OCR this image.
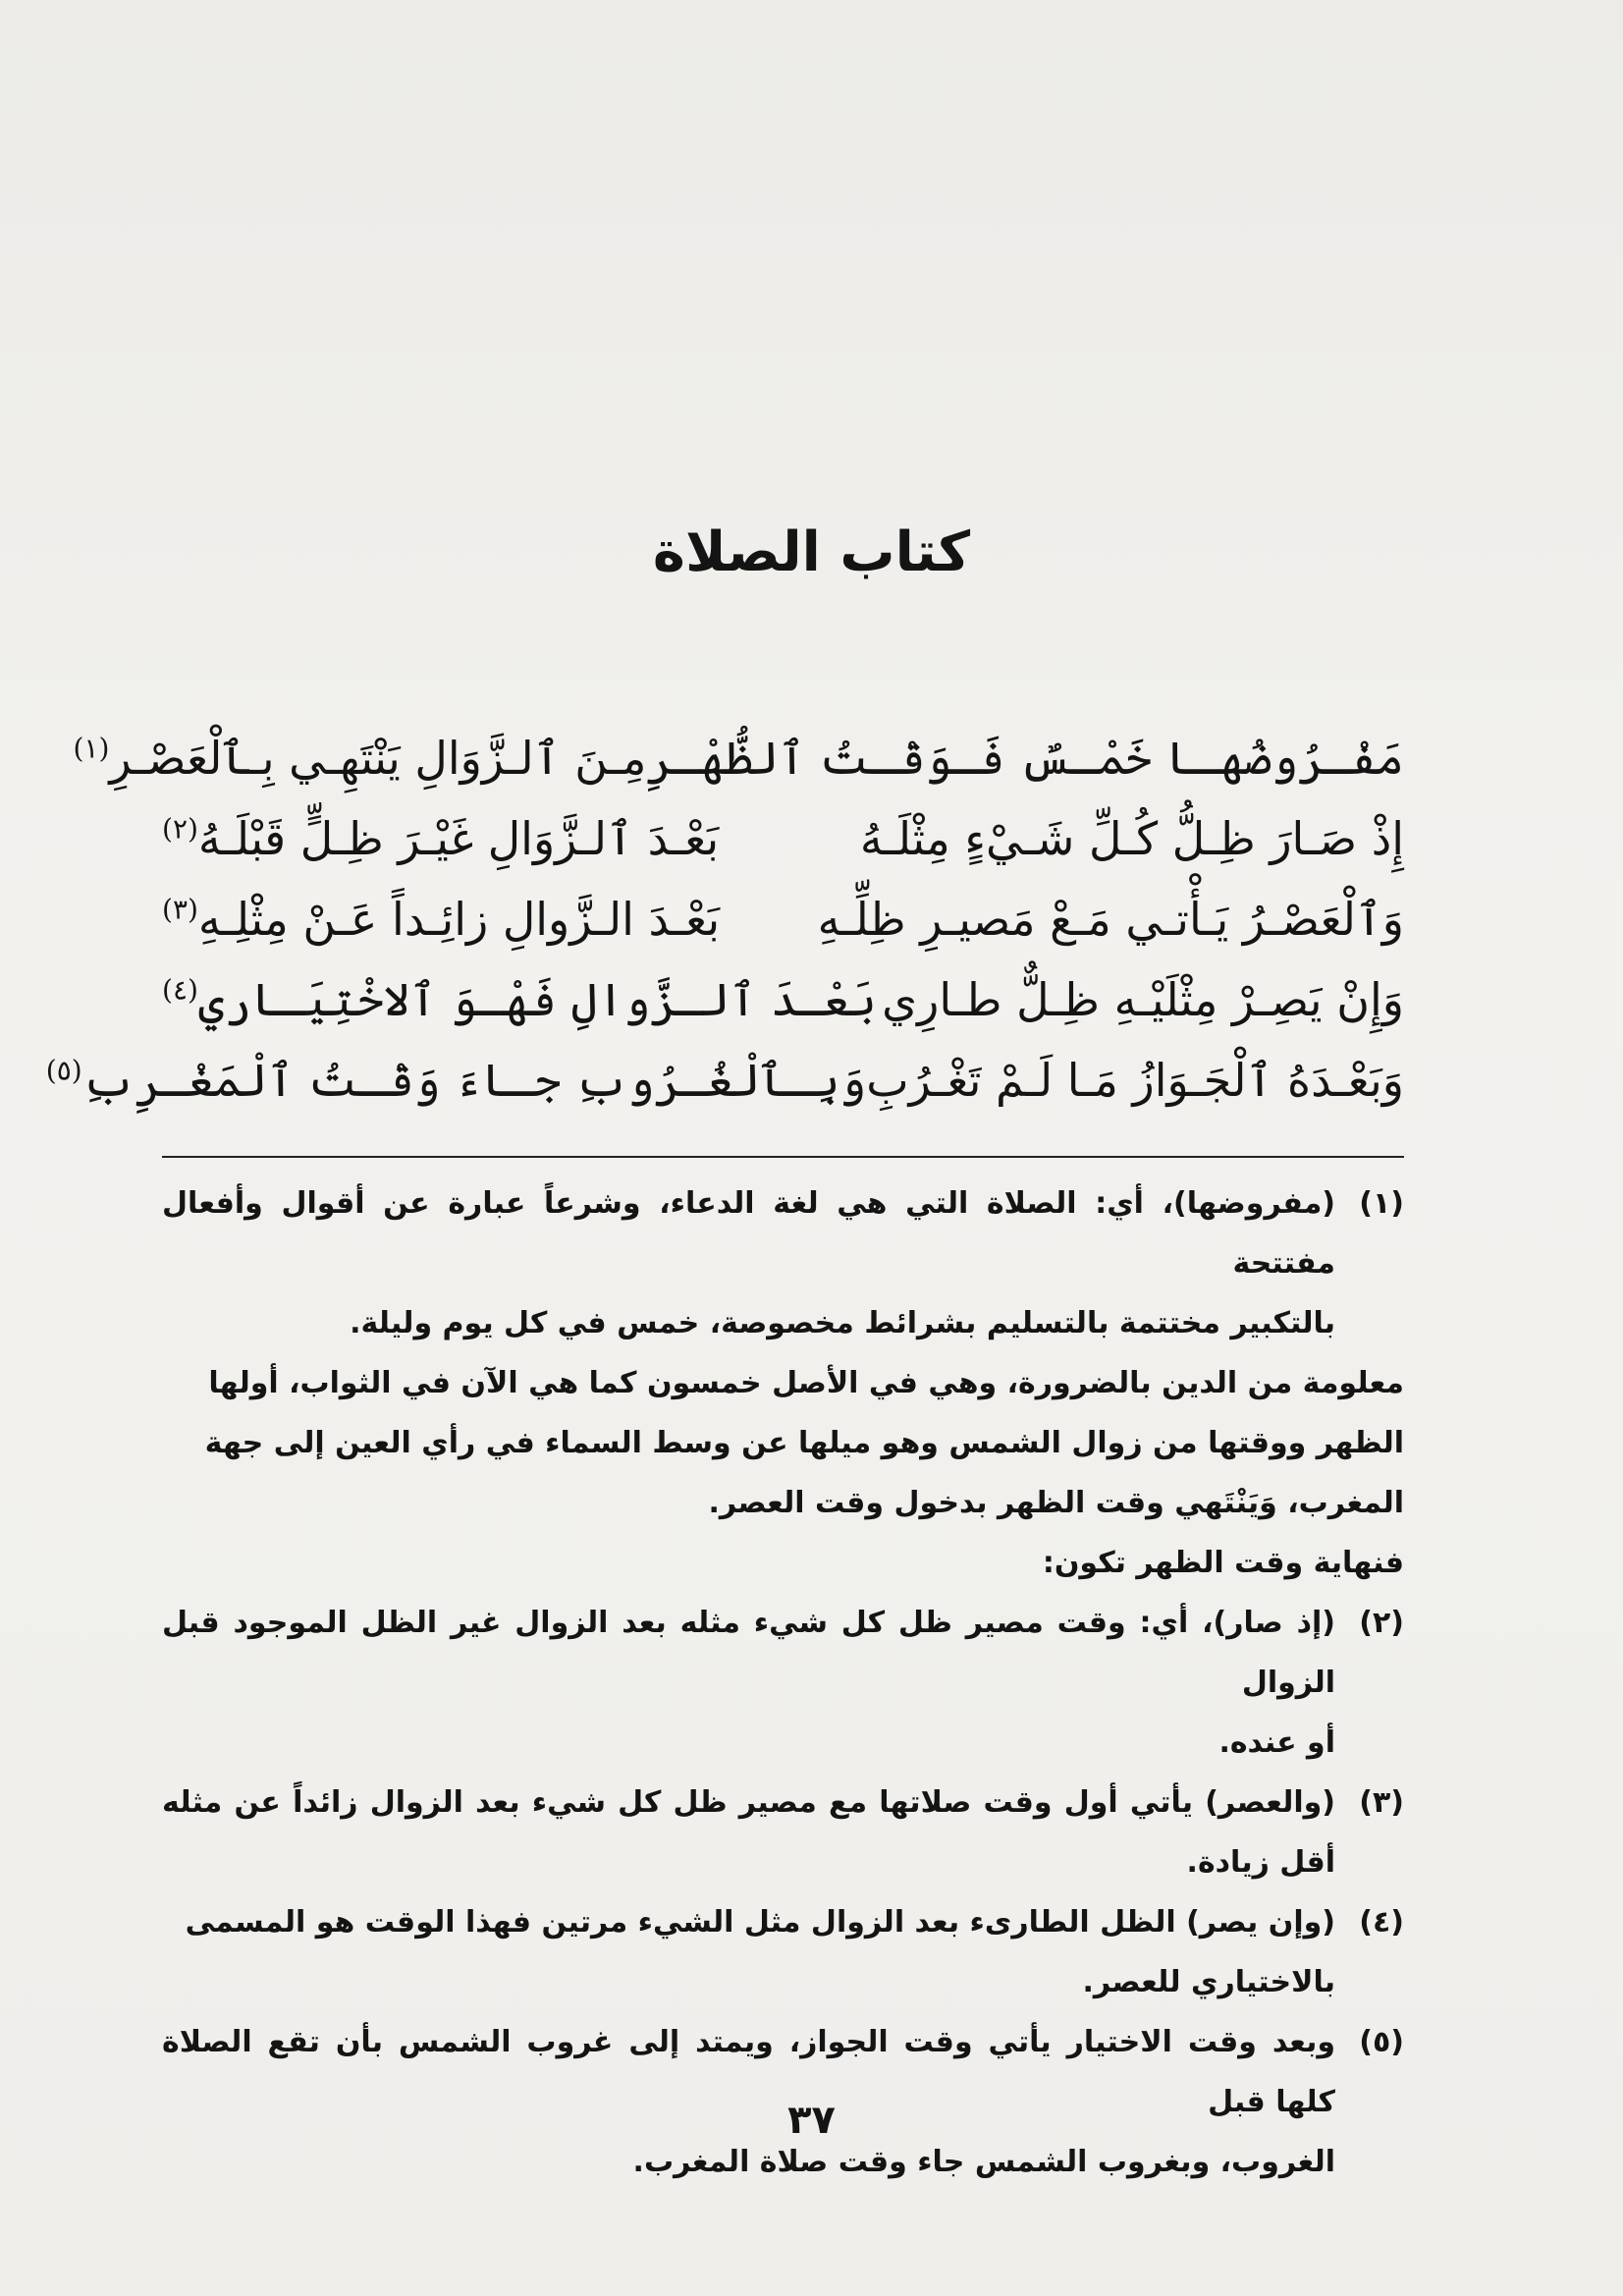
كتاب الصلاة
مَفْـرُوضُهـا خَمْـسٌ فَـوَقْـتُ ٱلظُّهْـرِ
مِـنَ ٱلـزَّوَالِ يَنْتَهِـي بِـٱلْعَصْـرِ$^{(١)}$
إِذْ صَـارَ ظِـلُّ كُـلِّ شَـيْءٍ مِثْلَـهُ
بَعْـدَ ٱلـزَّوَالِ غَيْـرَ ظِـلٍّ قَبْلَـهُ$^{(٢)}$
وَٱلْعَصْـرُ يَـأْتـي مَـعْ مَصيـرِ ظِلِّـهِ
بَعْـدَ الـزَّوالِ زائِـداً عَـنْ مِثْلِـهِ$^{(٣)}$
وَإِنْ يَصِـرْ مِثْلَيْـهِ ظِـلٌّ طـارِي
بَعْـدَ ٱلـزَّوالِ فَهْـوَ ٱلاخْتِيَـاري$^{(٤)}$
وَبَعْـدَهُ ٱلْجَـوَازُ مَـا لَـمْ تَغْـرُبِ
وَبِـٱلْغُـرُوبِ جـاءَ وَقْـتُ ٱلْمَغْـرِبِ$^{(٥)}$
(١)
(مفروضها)، أي: الصلاة التي هي لغة الدعاء، وشرعاً عبارة عن أقوال وأفعال مفتتحة
بالتكبير مختتمة بالتسليم بشرائط مخصوصة، خمس في كل يوم وليلة.
معلومة من الدين بالضرورة، وهي في الأصل خمسون كما هي الآن في الثواب، أولها
الظهر ووقتها من زوال الشمس وهو ميلها عن وسط السماء في رأي العين إلى جهة
المغرب، وَيَنْتَهي وقت الظهر بدخول وقت العصر.
فنهاية وقت الظهر تكون:
(٢)
(إذ صار)، أي: وقت مصير ظل كل شيء مثله بعد الزوال غير الظل الموجود قبل الزوال
أو عنده.
(٣)
(والعصر) يأتي أول وقت صلاتها مع مصير ظل كل شيء بعد الزوال زائداً عن مثله أقل زيادة.
(٤)
(وإن يصر) الظل الطارىء بعد الزوال مثل الشيء مرتين فهذا الوقت هو المسمى
بالاختياري للعصر.
(٥)
وبعد وقت الاختيار يأتي وقت الجواز، ويمتد إلى غروب الشمس بأن تقع الصلاة كلها قبل
الغروب، وبغروب الشمس جاء وقت صلاة المغرب.
٣٧
